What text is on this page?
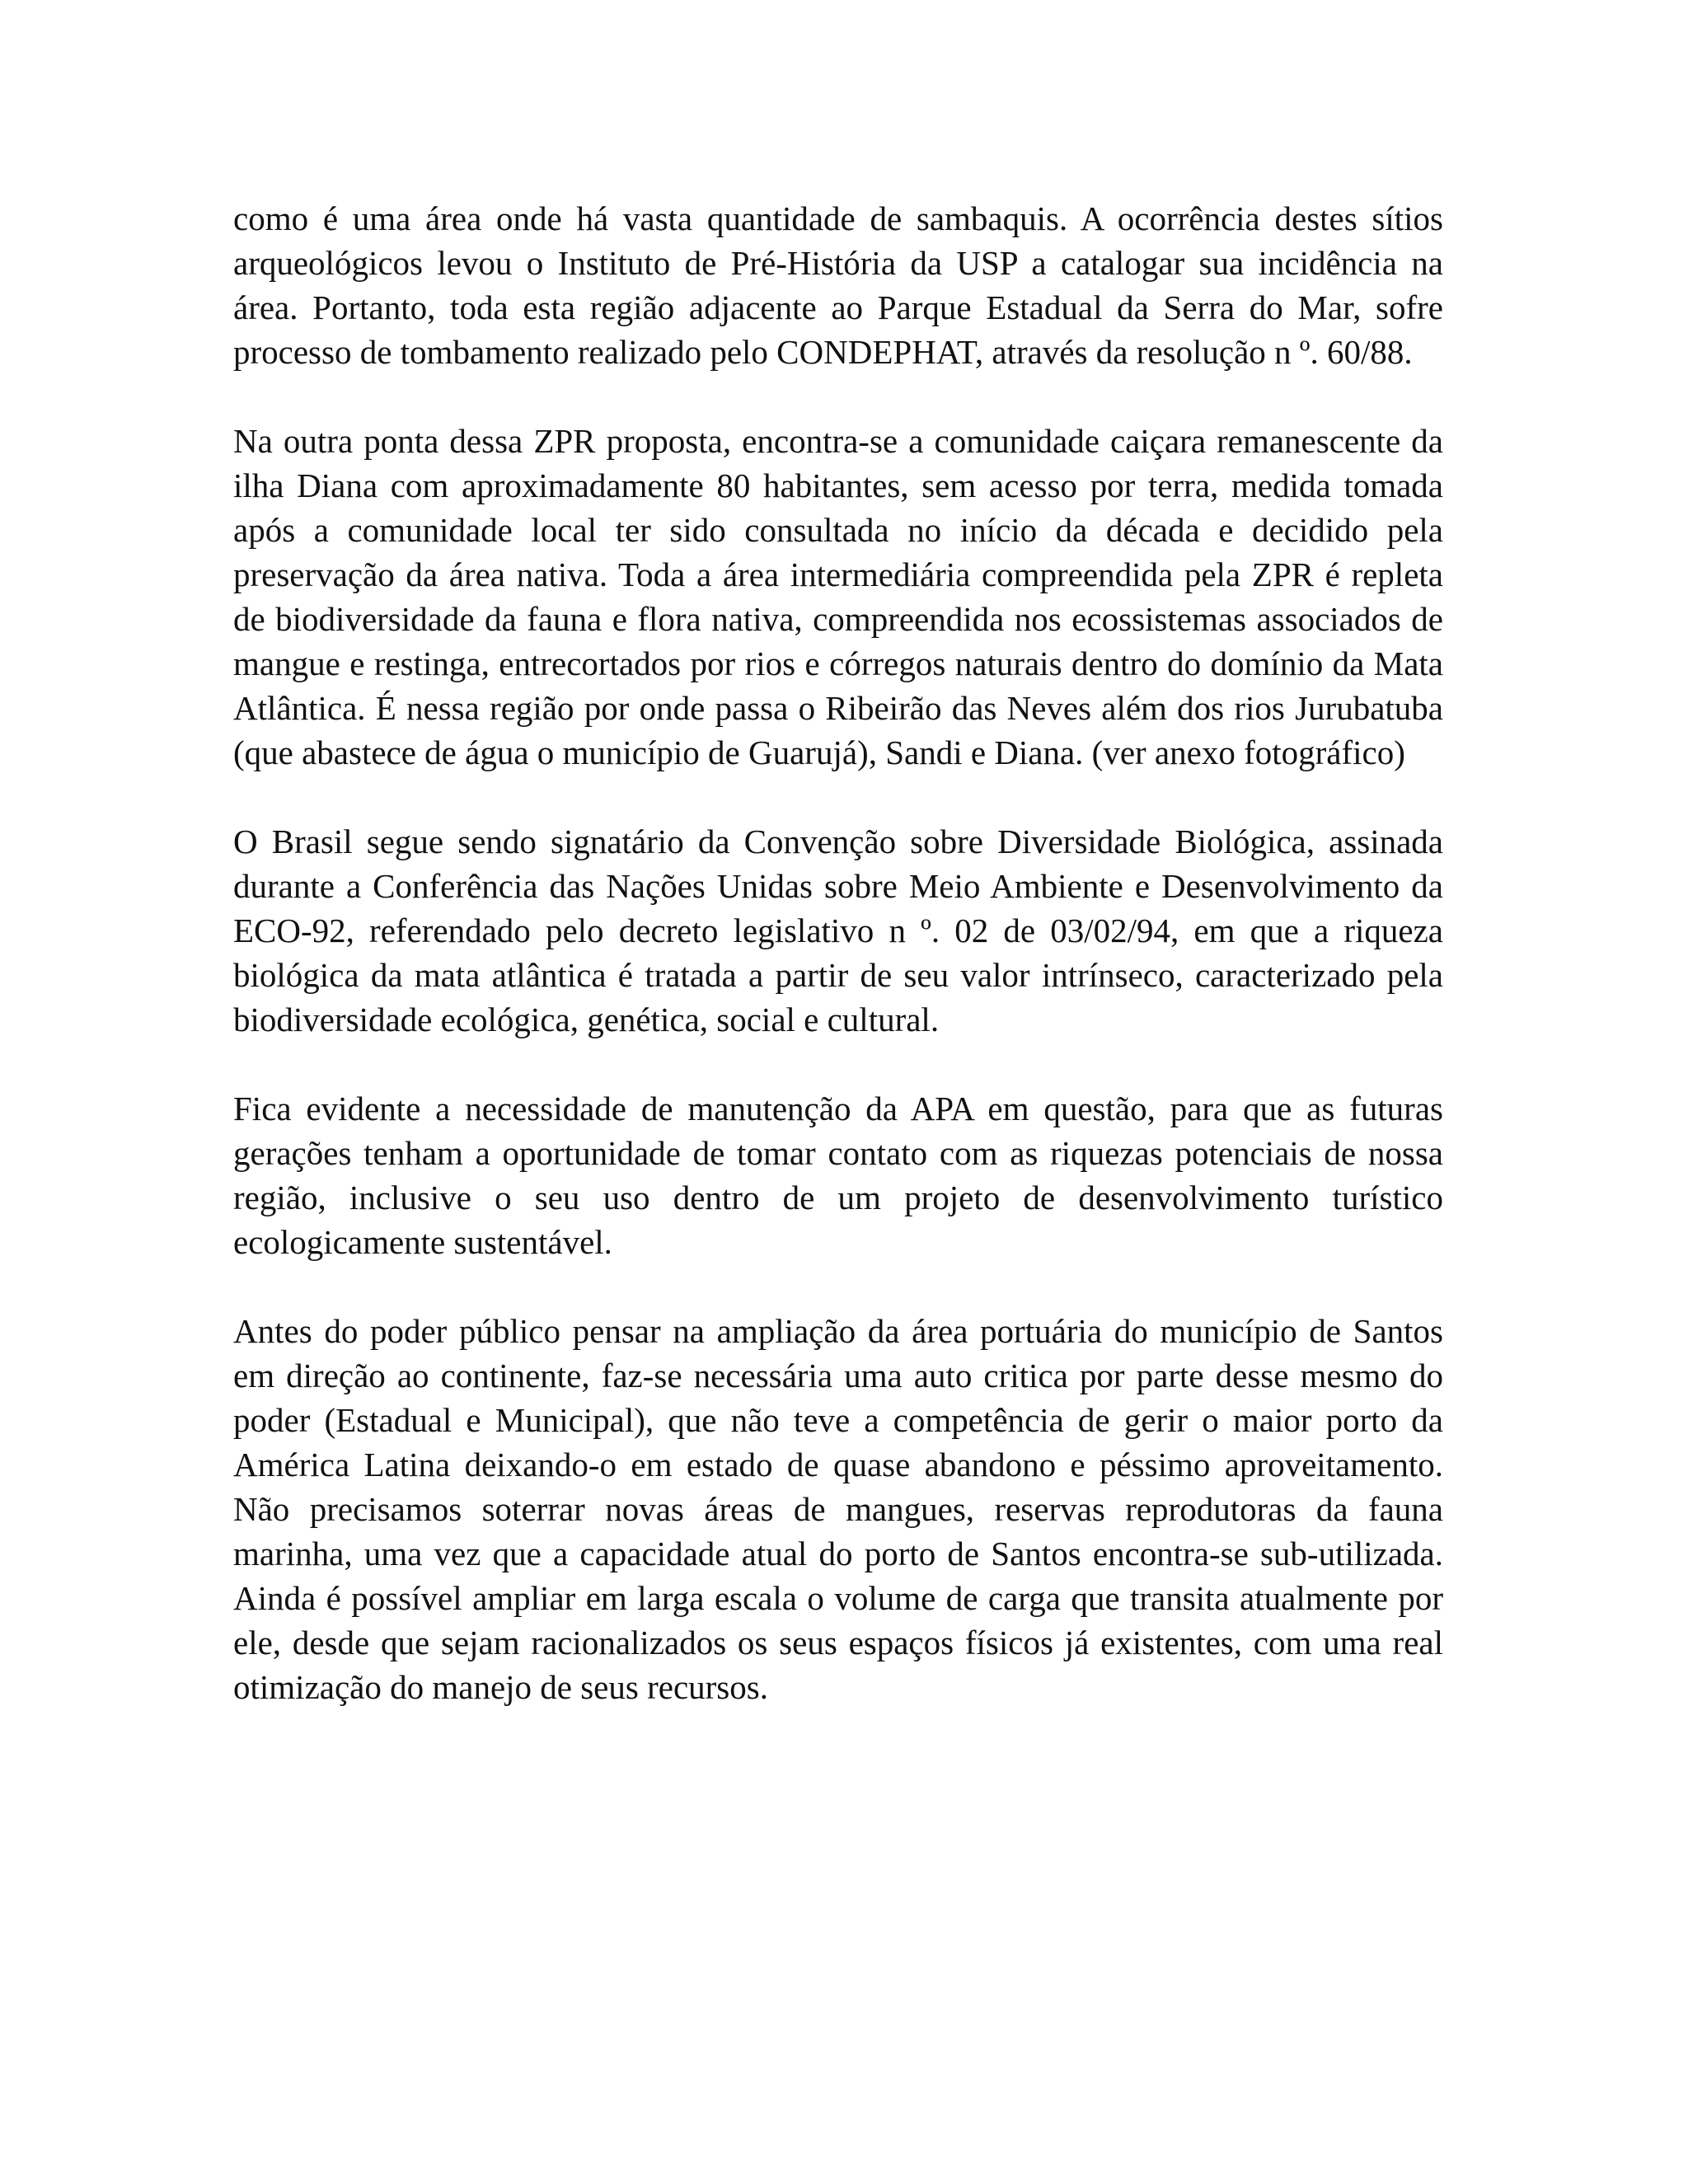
como é uma área onde há vasta quantidade de sambaquis. A ocorrência destes sítios arqueológicos levou o Instituto de Pré-História da USP a catalogar sua incidência na área. Portanto, toda esta região adjacente ao Parque Estadual da Serra do Mar, sofre processo de tombamento realizado pelo CONDEPHAT, através da resolução n º. 60/88.

Na outra ponta dessa ZPR proposta, encontra-se a comunidade caiçara remanescente da ilha Diana com aproximadamente 80 habitantes, sem acesso por terra, medida tomada após a comunidade local ter sido consultada no início da década e decidido pela preservação da área nativa. Toda a área intermediária compreendida pela ZPR é repleta de biodiversidade da fauna e flora nativa, compreendida nos ecossistemas associados de mangue e restinga, entrecortados por rios e córregos naturais dentro do domínio da Mata Atlântica. É nessa região por onde passa o Ribeirão das Neves além dos rios Jurubatuba (que abastece de água o município de Guarujá), Sandi e Diana. (ver anexo fotográfico)

O Brasil segue sendo signatário da Convenção sobre Diversidade Biológica, assinada durante a Conferência das Nações Unidas sobre Meio Ambiente e Desenvolvimento da ECO-92, referendado pelo decreto legislativo n º. 02 de 03/02/94, em que a riqueza biológica da mata atlântica é tratada a partir de seu valor intrínseco, caracterizado pela biodiversidade ecológica, genética, social e cultural.

Fica evidente a necessidade de manutenção da APA em questão, para que as futuras gerações tenham a oportunidade de tomar contato com as riquezas potenciais de nossa região, inclusive o seu uso dentro de um projeto de desenvolvimento turístico ecologicamente sustentável.

Antes do poder público pensar na ampliação da área portuária do município de Santos em direção ao continente, faz-se necessária uma auto critica por parte desse mesmo do poder (Estadual e Municipal), que não teve a competência de gerir o maior porto da América Latina deixando-o em estado de quase abandono e péssimo aproveitamento. Não precisamos soterrar novas áreas de mangues, reservas reprodutoras da fauna marinha, uma vez que a capacidade atual do porto de Santos encontra-se sub-utilizada. Ainda é possível ampliar em larga escala o volume de carga que transita atualmente por ele, desde que sejam racionalizados os seus espaços físicos já existentes, com uma real otimização do manejo de seus recursos.
